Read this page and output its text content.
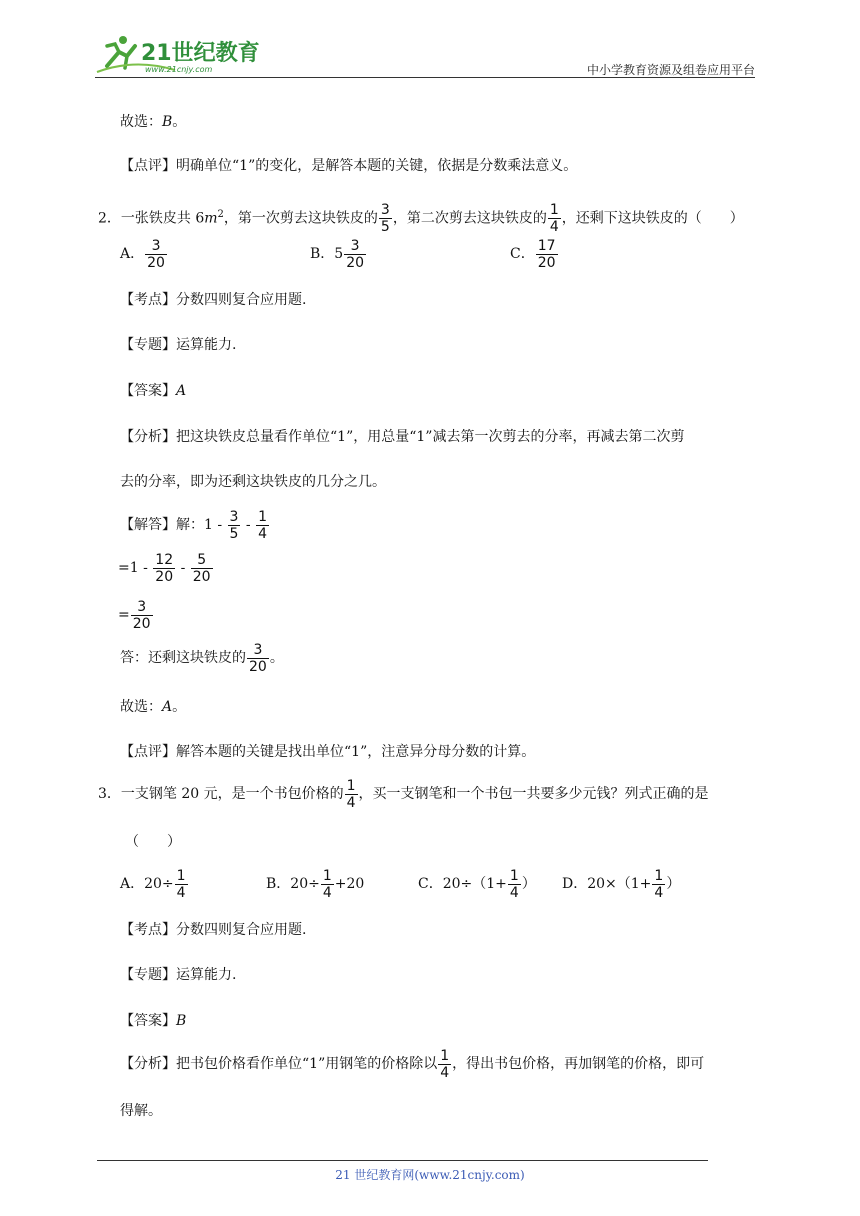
21世纪教育
www.21cnjy.com	中小学教育资源及组卷应用平台
故选：B。
【点评】明确单位“1”的变化，是解答本题的关键，依据是分数乘法意义。
2．一张铁皮共 $6m^2$，第一次剪去这块铁皮的 $\frac{3}{5}$ ，第二次剪去这块铁皮的 $\frac{1}{4}$ ，还剩下这块铁皮的（　　）
A． $\frac{3}{20}$	B．$5 \frac{3}{20}$	C． $\frac{17}{20}$
【考点】分数四则复合应用题.
【专题】运算能力.
【答案】A
【分析】把这块铁皮总量看作单位“1”，用总量“1”减去第一次剪去的分率，再减去第二次剪
去的分率，即为还剩这块铁皮的几分之几。
【解答】解：$1 - \frac{3}{5} - \frac{1}{4}$
$=1 - \frac{12}{20} - \frac{5}{20}$
= $\frac{3}{20}$
答：还剩这块铁皮的 $\frac{3}{20}$ 。
故选：A。
【点评】解答本题的关键是找出单位“1”，注意异分母分数的计算。
3．一支钢笔 20 元，是一个书包价格的 $\frac{1}{4}$ ，买一支钢笔和一个书包一共要多少元钱？列式正确的是
（　　）
A．$20\div \frac{1}{4}$	B．$20\div \frac{1}{4} +20$	C．$20\div(1+ \frac{1}{4}$ ） D．$20\times(1+ \frac{1}{4}$ ）
【考点】分数四则复合应用题.
【专题】运算能力.
【答案】B
【分析】把书包价格看作单位“1”用钢笔的价格除以 $\frac{1}{4}$ ，得出书包价格，再加钢笔的价格，即可
得解。
21 世纪教育网(www.21cnjy.com)
